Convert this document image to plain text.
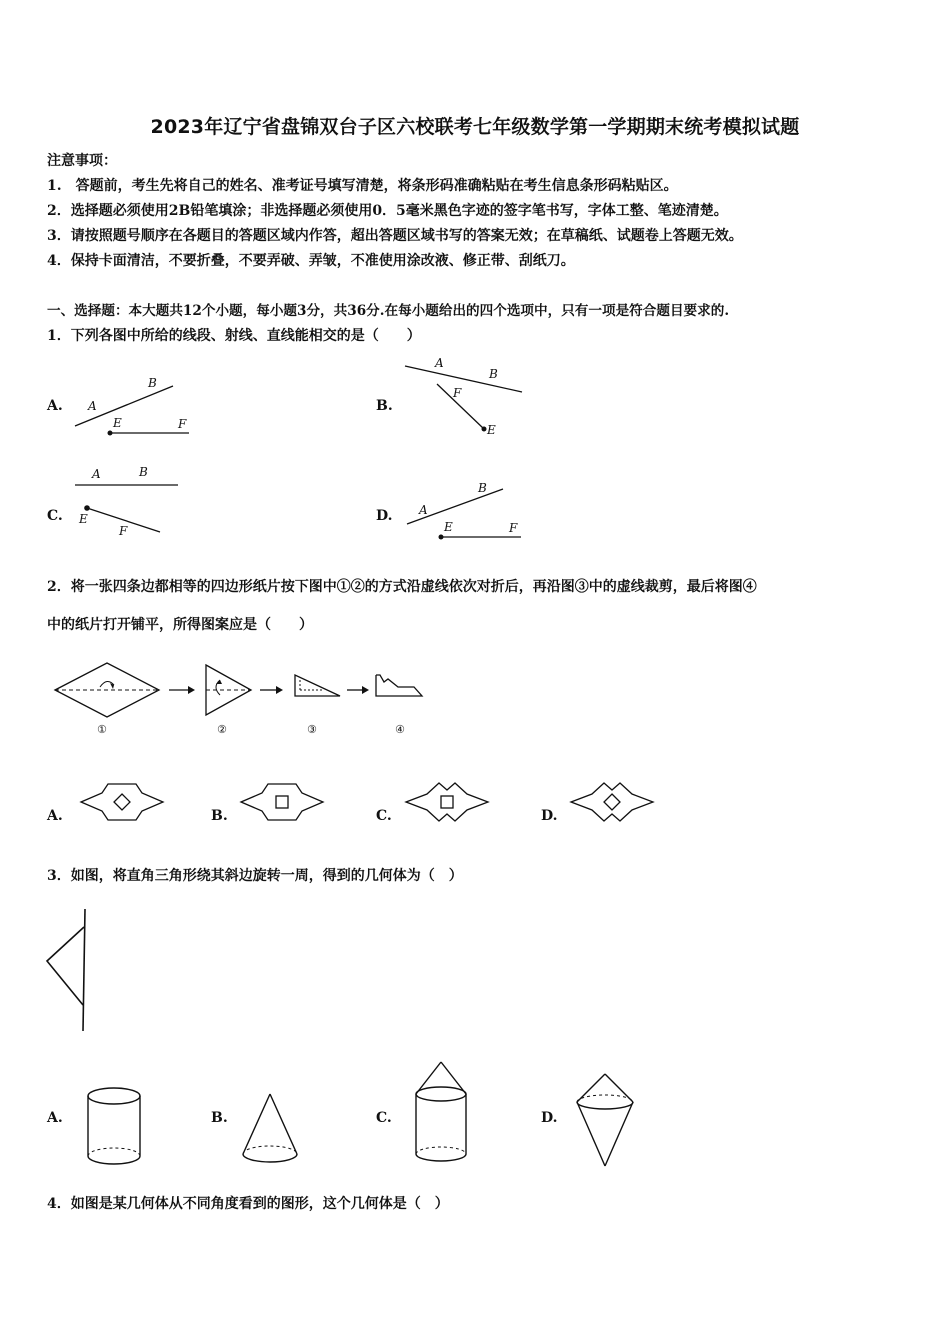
2023年辽宁省盘锦双台子区六校联考七年级数学第一学期期末统考模拟试题
注意事项：
1.　答题前，考生先将自己的姓名、准考证号填写清楚，将条形码准确粘贴在考生信息条形码粘贴区。
2．选择题必须使用2B铅笔填涂；非选择题必须使用0．5毫米黑色字迹的签字笔书写，字体工整、笔迹清楚。
3．请按照题号顺序在各题目的答题区域内作答，超出答题区域书写的答案无效；在草稿纸、试题卷上答题无效。
4．保持卡面清洁，不要折叠，不要弄破、弄皱，不准使用涂改液、修正带、刮纸刀。
一、选择题：本大题共12个小题，每小题3分，共36分.在每小题给出的四个选项中，只有一项是符合题目要求的.
1．下列各图中所给的线段、射线、直线能相交的是（　　）
A.
B
A
E	F
B.
A
B
F
E
C.
A	B
E
F
D.
B
A
E	F
2．将一张四条边都相等的四边形纸片按下图中①②的方式沿虚线依次对折后，再沿图③中的虚线裁剪，最后将图④
中的纸片打开铺平，所得图案应是（　　）
①	②	③	④
A.	B.	C.	D.
3．如图，将直角三角形绕其斜边旋转一周，得到的几何体为（　）
A.	B.	C.	D.
4．如图是某几何体从不同角度看到的图形，这个几何体是（　）
